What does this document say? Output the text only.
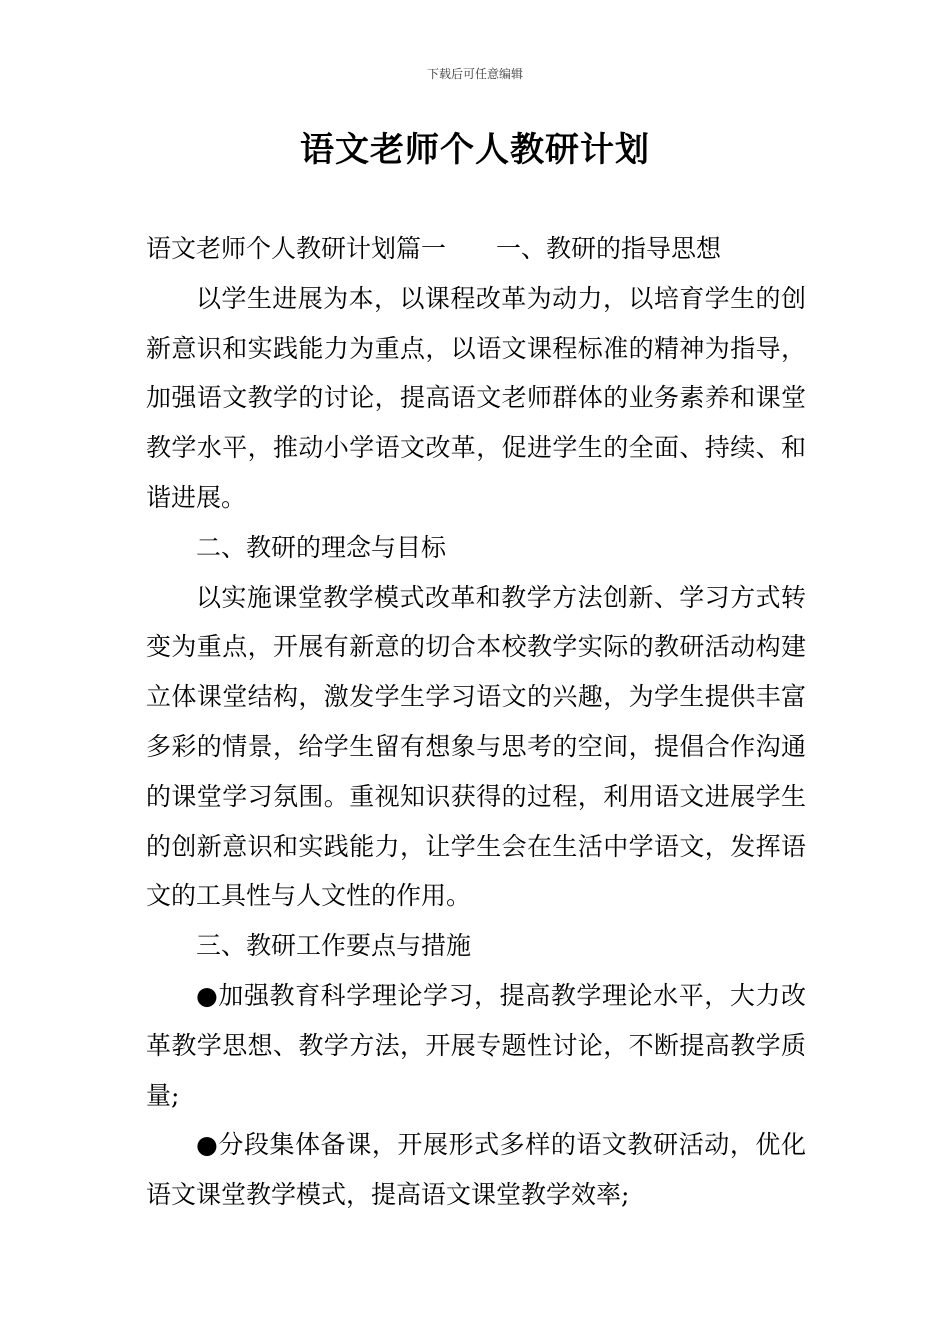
下载后可任意编辑
语文老师个人教研计划

语文老师个人教研计划篇一 一、教研的指导思想

以学生进展为本，以课程改革为动力，以培育学生的创新意识和实践能力为重点，以语文课程标准的精神为指导，加强语文教学的讨论，提高语文老师群体的业务素养和课堂教学水平，推动小学语文改革，促进学生的全面、持续、和谐进展。

二、教研的理念与目标

以实施课堂教学模式改革和教学方法创新、学习方式转变为重点，开展有新意的切合本校教学实际的教研活动构建立体课堂结构，激发学生学习语文的兴趣，为学生提供丰富多彩的情景，给学生留有想象与思考的空间，提倡合作沟通的课堂学习氛围。重视知识获得的过程，利用语文进展学生的创新意识和实践能力，让学生会在生活中学语文，发挥语文的工具性与人文性的作用。

三、教研工作要点与措施

●加强教育科学理论学习，提高教学理论水平，大力改革教学思想、教学方法，开展专题性讨论，不断提高教学质量;

●分段集体备课，开展形式多样的语文教研活动，优化语文课堂教学模式，提高语文课堂教学效率;
